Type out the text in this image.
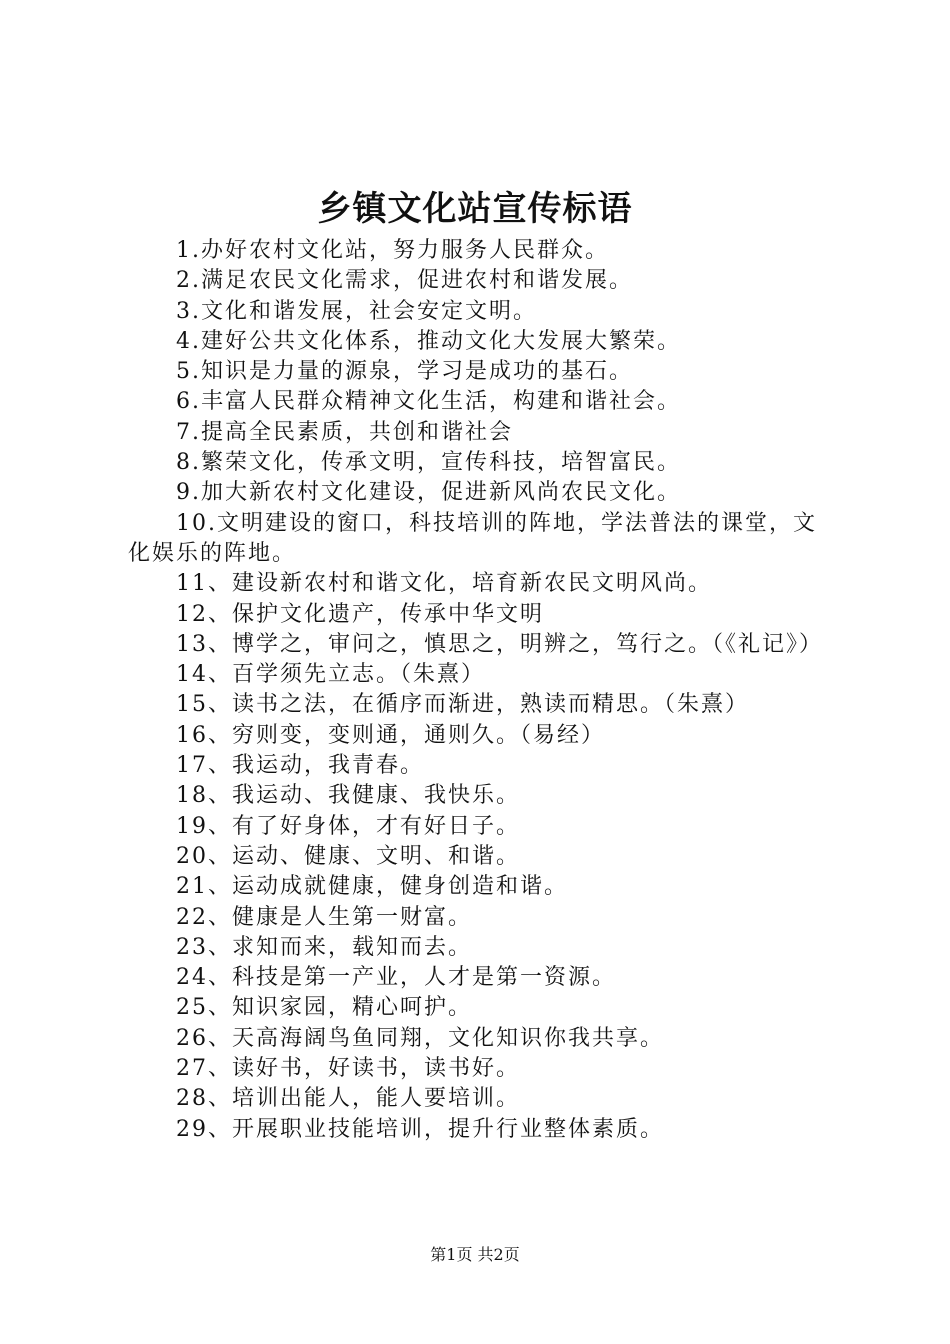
乡镇文化站宣传标语

1.办好农村文化站，努力服务人民群众。

2.满足农民文化需求，促进农村和谐发展。

3.文化和谐发展，社会安定文明。

4.建好公共文化体系，推动文化大发展大繁荣。

5.知识是力量的源泉，学习是成功的基石。

6.丰富人民群众精神文化生活，构建和谐社会。

7.提高全民素质，共创和谐社会

8.繁荣文化，传承文明，宣传科技，培智富民。

9.加大新农村文化建设，促进新风尚农民文化。

10.文明建设的窗口，科技培训的阵地，学法普法的课堂，文化娱乐的阵地。

11、建设新农村和谐文化，培育新农民文明风尚。

12、保护文化遗产，传承中华文明

13、博学之，审问之，慎思之，明辨之，笃行之。（《礼记》）

14、百学须先立志。（朱熹）

15、读书之法，在循序而渐进，熟读而精思。（朱熹）

16、穷则变，变则通，通则久。（易经）

17、我运动，我青春。

18、我运动、我健康、我快乐。

19、有了好身体，才有好日子。

20、运动、健康、文明、和谐。

21、运动成就健康，健身创造和谐。

22、健康是人生第一财富。

23、求知而来，载知而去。

24、科技是第一产业，人才是第一资源。

25、知识家园，精心呵护。

26、天高海阔鸟鱼同翔，文化知识你我共享。

27、读好书，好读书，读书好。

28、培训出能人，能人要培训。

29、开展职业技能培训，提升行业整体素质。

第1页 共2页
